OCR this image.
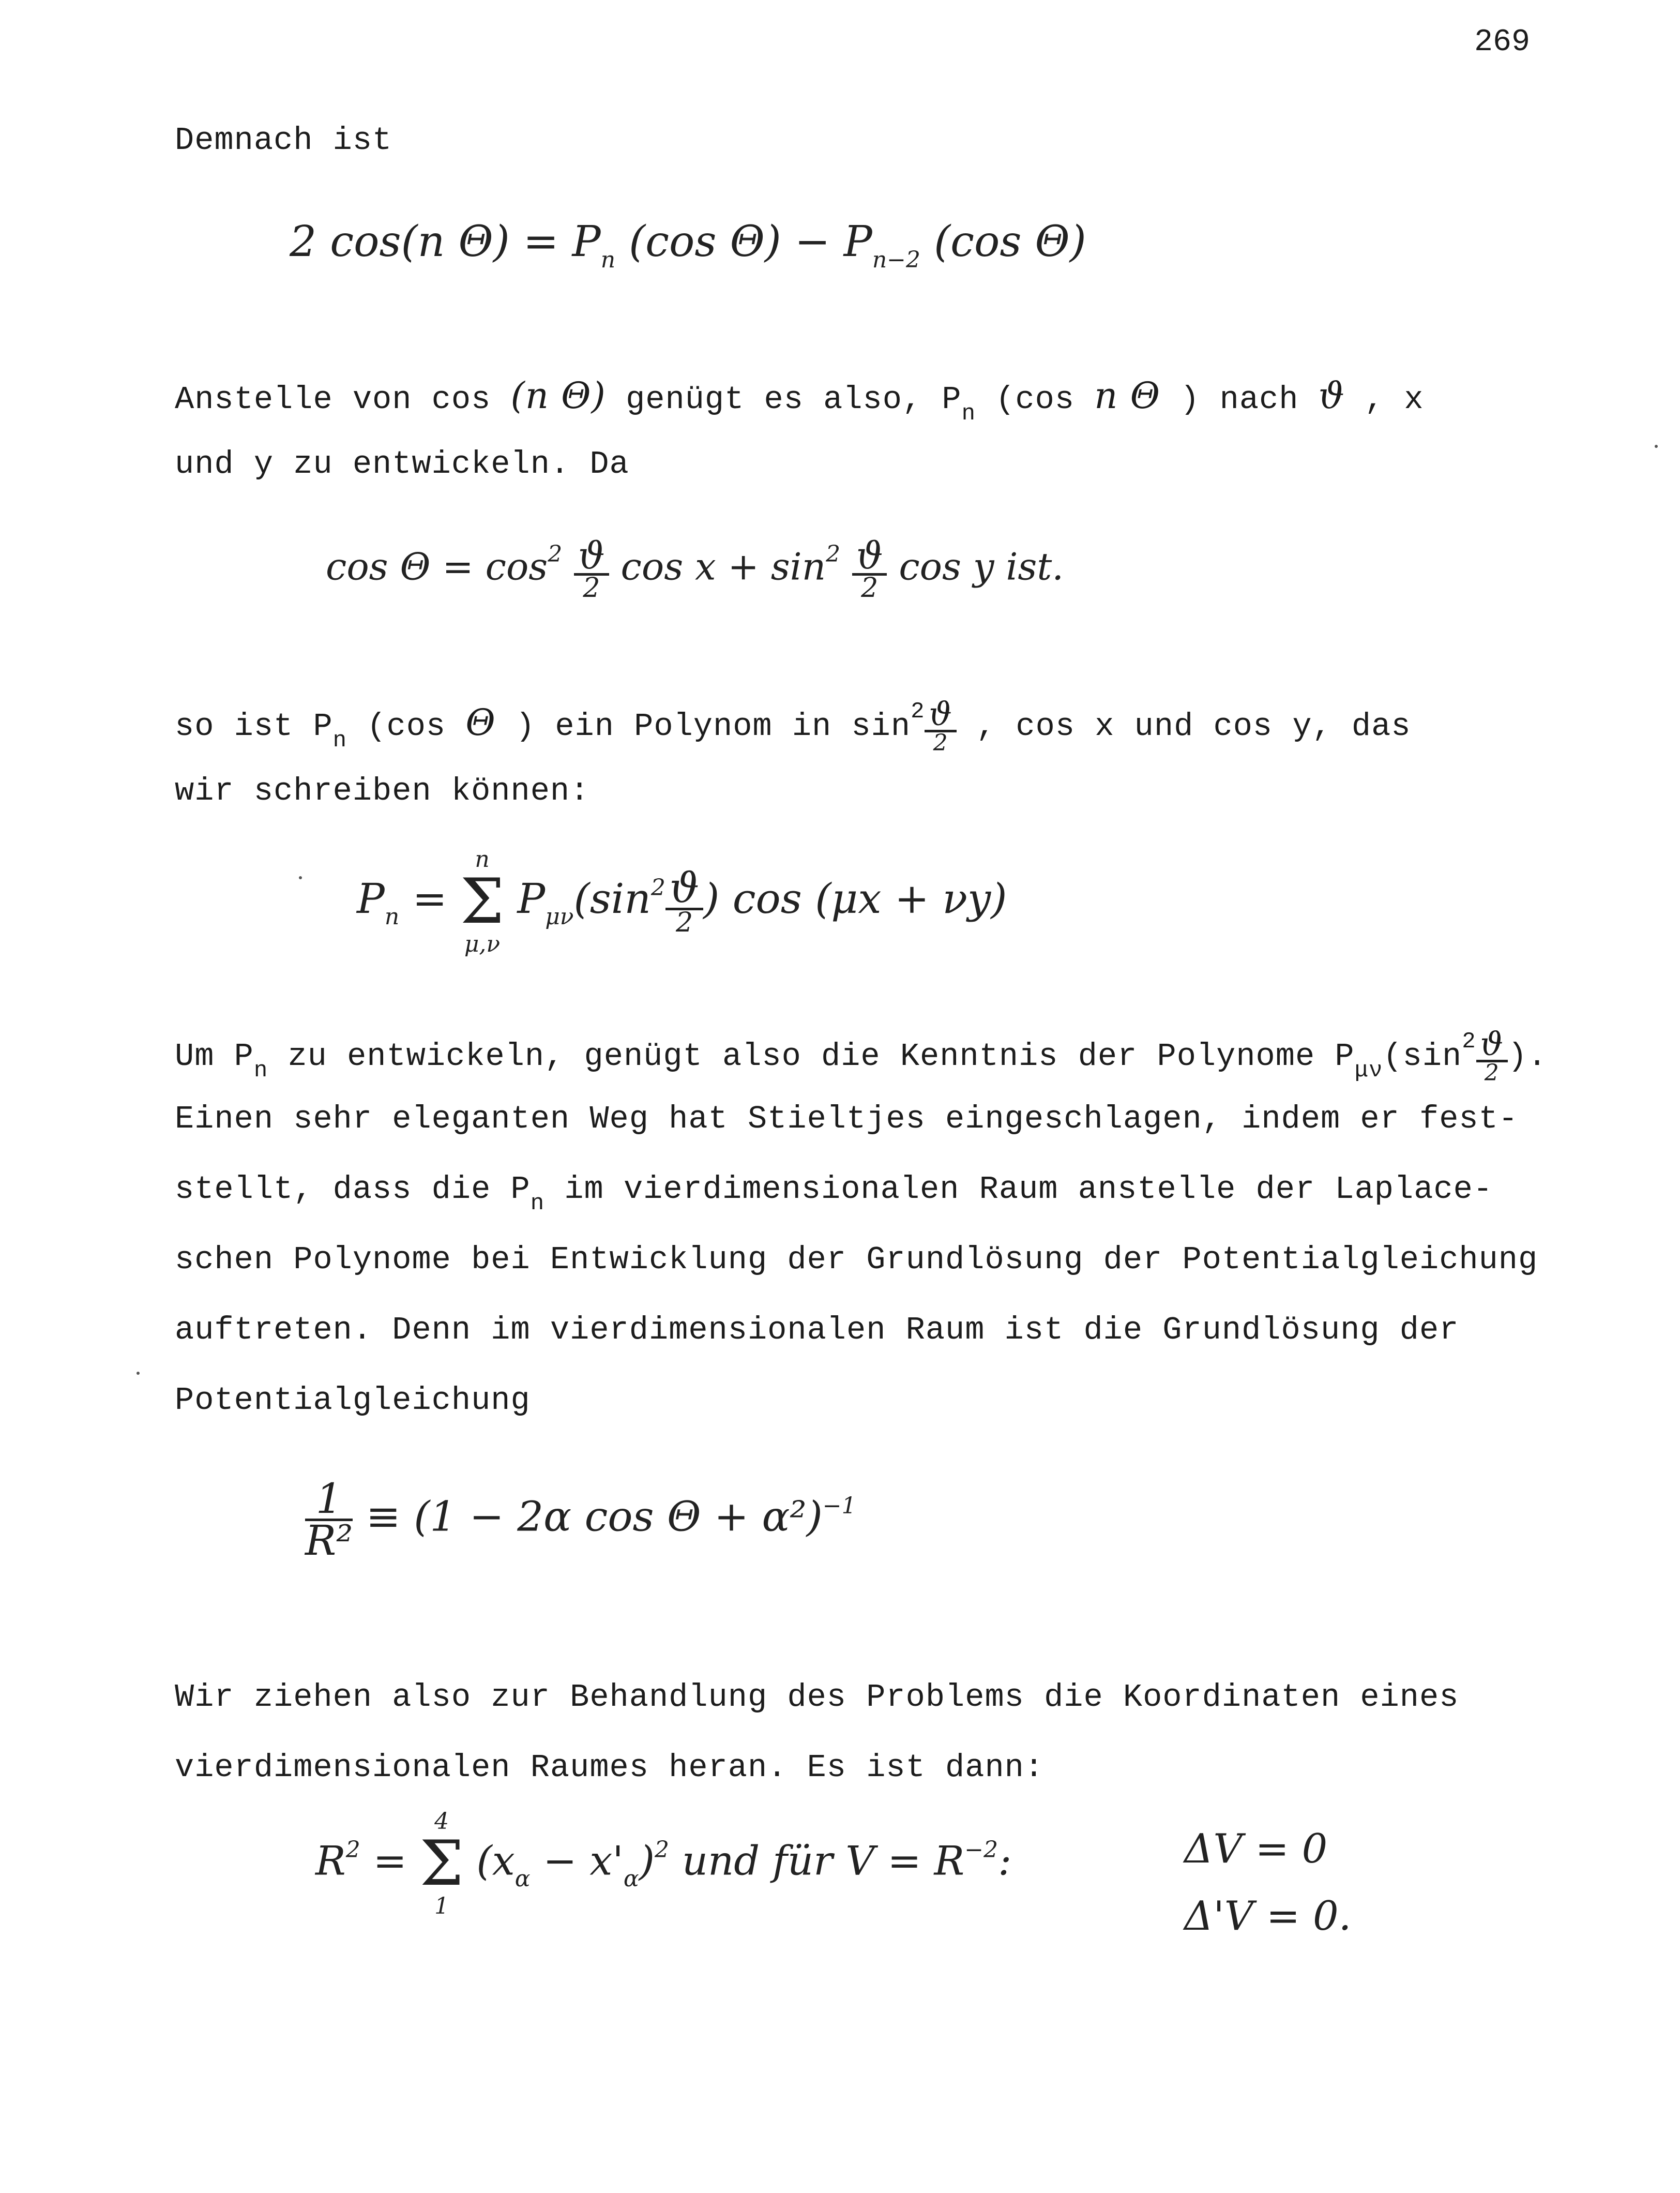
269
Demnach ist
2 cos(n $\Theta) = P_n$ (cos $\Theta) - P_{n-2}$ (cos Θ)
Anstelle von cos (n Θ) genügt es also, $P_n$ (cos n Θ ) nach ϑ , x
und y zu entwickeln. Da
$\cos \Theta = \cos^2 \frac{ϑ}{2}$ $\cos x + \sin^2 \frac{ϑ}{2}$ cos y ist.
so ist $P_n$ (cos Θ ) ein Polynom in $\sin^2 \frac{ϑ}{2}$ , cos x und cos y, das
wir schreiben können:
$P_n$ =
n
Σ
μ,ν
$P_{\mu\nu}(\sin^2 \frac{ϑ}{2}$ ) cos (μx + νy)
Um $P_n$ zu entwickeln, genügt also die Kenntnis der Polynome $P_{\mu\nu}(\sin^2 \frac{ϑ}{2}$ ).
Einen sehr eleganten Weg hat Stieltjes eingeschlagen, indem er fest-
stellt, dass die $P_n$ im vierdimensionalen Raum anstelle der Laplace-
schen Polynome bei Entwicklung der Grundlösung der Potentialgleichung
auftreten. Denn im vierdimensionalen Raum ist die Grundlösung der
Potentialgleichung
$\frac{1}{\text{R²}} \equiv (1 - 2\alpha$ cos Θ + α²)$^{-1}$
Wir ziehen also zur Behandlung des Problems die Koordinaten eines
vierdimensionalen Raumes heran. Es ist dann:
$R^2$ =
4
Σ
1
$(x_\alpha - x'_\alpha)^2$ und für $V = R^{-2}$:	ΔV = 0
Δ'V = 0.
